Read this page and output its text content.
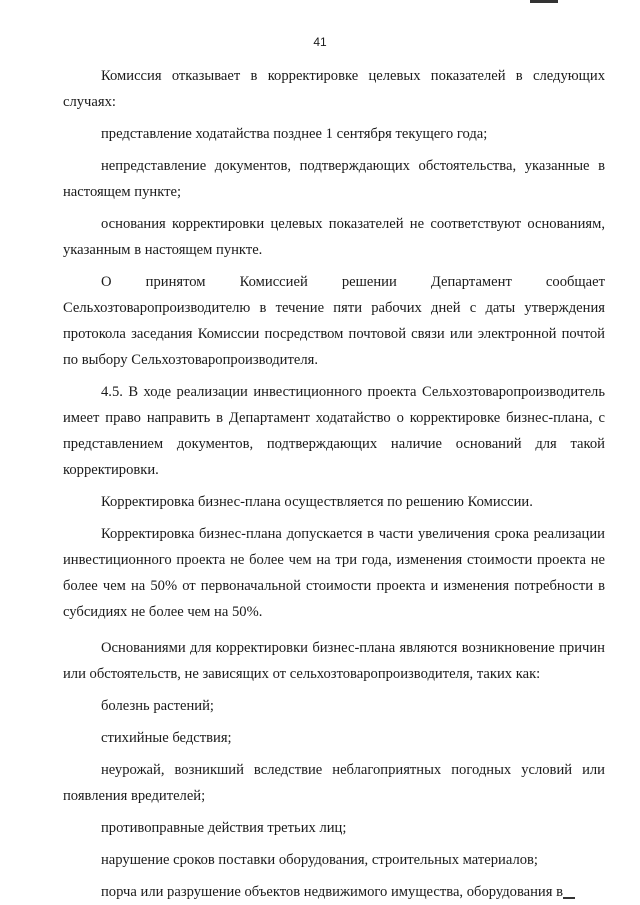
41

Комиссия отказывает в корректировке целевых показателей в следующих случаях:

представление ходатайства позднее 1 сентября текущего года;

непредставление документов, подтверждающих обстоятельства, указанные в настоящем пункте;

основания корректировки целевых показателей не соответствуют основаниям, указанным в настоящем пункте.

О принятом Комиссией решении Департамент сообщает Сельхозтоваропроизводителю в течение пяти рабочих дней с даты утверждения протокола заседания Комиссии посредством почтовой связи или электронной почтой по выбору Сельхозтоваропроизводителя.

4.5. В ходе реализации инвестиционного проекта Сельхозтоваропроизводитель имеет право направить в Департамент ходатайство о корректировке бизнес-плана, с представлением документов, подтверждающих наличие оснований для такой корректировки.

Корректировка бизнес-плана осуществляется по решению Комиссии.

Корректировка бизнес-плана допускается в части увеличения срока реализации инвестиционного проекта не более чем на три года, изменения стоимости проекта не более чем на 50% от первоначальной стоимости проекта и изменения потребности в субсидиях не более чем на 50%.

Основаниями для корректировки бизнес-плана являются возникновение причин или обстоятельств, не зависящих от сельхозтоваропроизводителя, таких как:

болезнь растений;

стихийные бедствия;

неурожай, возникший вследствие неблагоприятных погодных условий или появления вредителей;

противоправные действия третьих лиц;

нарушение сроков поставки оборудования, строительных материалов;

порча или разрушение объектов недвижимого имущества, оборудования в
